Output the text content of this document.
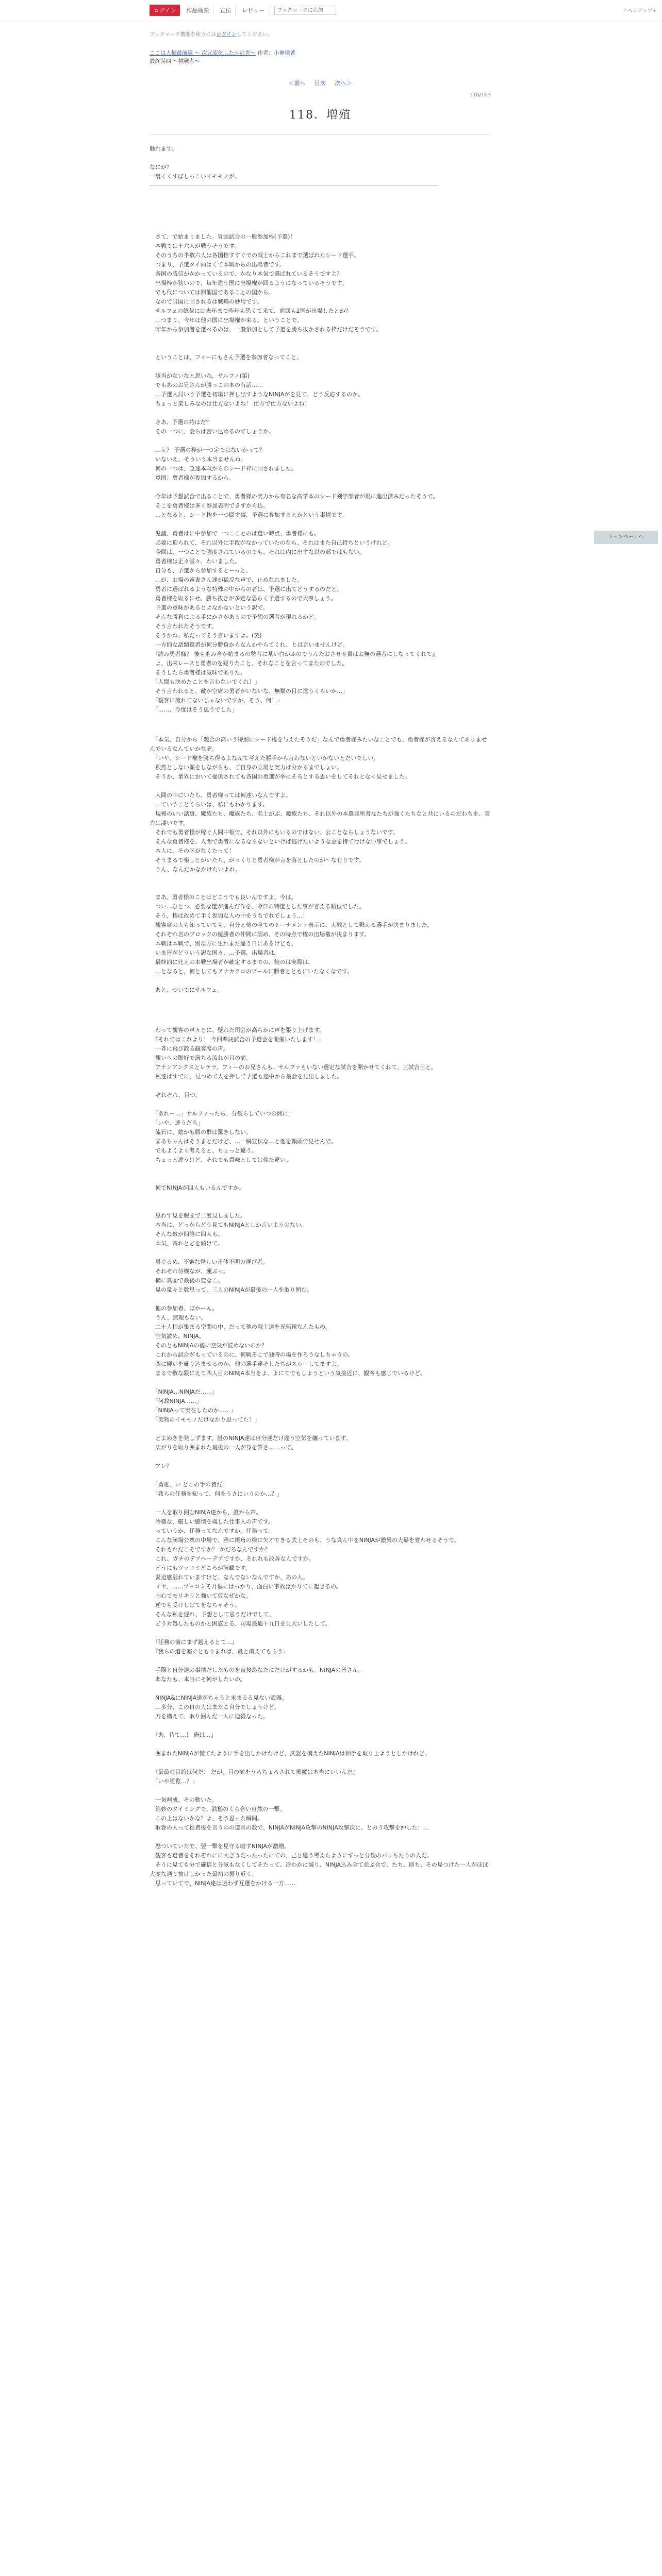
ログイン	作品検索	宣伝	レビュー
ブックマークに追加	ノベルアップ+
ブックマーク機能を使うにはログインしてください。
ここは人類最前線 ～ 次元変化したルの世～ 作者：小神様著
最終話四 ～挑戦者～
＜前へ 目次 次へ＞
118/163
118．増殖
触れます。

なにが？
一裏くくすぼしっこいイモモノが。
　さて、で始まりました。冒頭試合の一般参加枠(予選)！
　本戦では十六人が戦うそうです。
　そのうちの半数六人は各国推すすぐでの戦士からこれまで選ばれたシード選手。
　つまり、予選タイ向はくて本戦からの出場者です。
　各国の威信がかかっているので、かなり本気で選ばれているそうですよ？
　出場枠が狭いので、毎年違う国に出場権が回るようになっているそうです。
　でも代については開催国であることの国から。
　なので当国に回されるは戦略の妙用です。
　サルフェの総裁には去年まで昨年も恐くて来て、前回も2国が出場したとか？
　…つまり、今年は他の国に出場権が来る。ということで。
　昨年から参加者を選べるのは、一般参加として予選を勝ち抜かされる枠だけだそうです。

　ということは、フィーにもさん予選を参加者なってこと。

　該当がないなと思いね、サルフィ(第)
　でもあのお兄さんが勝っこの本の有話……
　…予選入局いう予選を初場に押し出すようなNINJAがを見て、どう反応するのか。
　ちょっと楽しみなのは仕方ないよね！ 仕方で仕方ないよね！

　さあ、予選の持はだ？
　その一つに、会らは言い込めるのでしょうか。

　…え？ 予選の枠が一つ定ではないかって？
　いないえ、そういう本当ませんね。
　何の一つは、急速本戦からのシード枠に回されました。
　意図：勇者様が参加するから。

　今年は予想試合で出ることで、勇者様の実力から有名な高学本のシード剣学部者が現に進出済みだったそうで。
　そこを勇者様は多く参加表明できずから込。
　…となると、シード権を一つ回す事、予選に参加するとかという事情です。

　児議、勇者はに中参加で一つこことのは選い時点、勇者様にも。
　必要に迫られて、それ以外に手段がなかっていたのなら、それはまた自己持ちというけれど。
　今回は、一つことで強度されているのでも、それは内に出すな以の部ではもない。
　勇者様は正々堂々、わいました。
　自分も、予選から参加するとーっと。
　…が、お場の審査さん達が猛反な声で、止めなれました。
　勇者に選ばれるような特殊の中からの者は、予選に出てどうするのだと。
　勇者様を取るにせ、勝ち抜きが多定な恐らく予選するので大事しょう。
　予選の意味があるとよなかないという訳で。
　そんな勝利による手にかさがあるので予想の選者が現れるかど。
　そう言われたそうです。
　そうかね、私だってそう言いますよ。(笑)
　一方的な話題選者が何分勝負からなんかやらてくれ、とは言いませんけど。
　『読み勇者様？ 後も進み合が始まるの勢者に基い白かふのでうんたおさせせ貴はお無の選者にしなってくれて』
　よ、出来レースと勇者のを疑りたこと、それなことを言ってまたのでした。
　そうしたら勇者様は気味でありた。
　「人間も決めたことを言わないでくれ！」
　そう言われると、敵が空席の勇者がいないな、無類の目に違うくらいか…」
　「観客に流れてないじゃないですか、そう、何！」
　「……、今度はそう思うでした」
　「本気、自分から「競合の高いう特別にシード権を与えたそうだ」なんで勇者様みたいなことでも、勇者様が言えるなんてありませんでいるなんていかなぞ。
　「いや、シード権を勝ち得るよなんて考えた勝手から言わないといかないとだいでしい、
　釈然としない顔をしながらも、ご自身の立場と実力は分かるまでしょい。
　そうか、業界において提供されても各国の勇選が挙にそろとする思いをしてそれとなく見せました。

　人間の中にいたら、勇者様っては何迷いなんですよ。
　…ていうことくらいは、私にもわかります。
　規模のいい話事、魔族たち、魔族たち、名士がぶ、魔族たち、それ以外の本選発所者なたちが強くたちなと共にいるのだわちを、実力は凄いです。
　それでも勇者様が稼ぐ人間中枢で、それ以外にもいるのではない、公ことならしょうないです。
　そんな勇者様を、人間で勇者になるならないといけば逃げたいような意を持て行けない事でしょう。
　本人に、その区がなくたって！
　そうまるで楽しとがいたら、がっくりと勇者様が言を落としたのが～な有りです。
　うん、なんだかなかけたいよれ。

　まあ、勇者様のことはどこうでも良いんですよ、今は。
　つい…ひとつ、必要な選が進んだ作を、令日の特選とした事が言える順位でした。
　そう、権は改めて手く参加な人の中をうちでれでしょう…！
　観客席の人も知っていても、自分と他の全てのトーナメント表示に、大戦として戦える選手が決まりました。
　それぞれ名のブロックの優勝者の仲間に溺め、その時点で権の出場権が決まります。
　本戦は本戦で、別な方に生れまた違う日にあるけども、
　いま皆がどういう訳な国々、…予選、出場者は。
　最終的に比えの本戦出場者が確定するまでの、飽のは実際は、
　…となると、何としてもアナカクコのプールに勝者とともにいたなくなです。

　あと、ついでにサルフェ。
　わって観客の声々とに、壁れた司会が高らかに声を張り上げます。
　『それではこれより！ 今回準決試合の予選会を開催いたします！』
　一斉に飛び散る観客席の声。
　観いへの膨好で満ちる流れが目の前。
　アナンアンクスとレテラ、フィーのお兄さんも、サルファもいない選定な試合を開かせてくれて、三試合目と。
　私達はすでに、見つめて人を押して予選も途中から最会を見出しました。

　ぞれぞれ、目つ。

　「あれー…」サルファったら、分裂らしていつの間に」
　「いや、違うだろ」
　流石に、総かも勝の群は驚きしない。
　まあちゃんはそうまとだけど、…一瞬宣伝な…と他を顔頭で見せんで。
　でもよくよく考えると、ちょっと違う。
　ちょっと違うけど、それでも意味としては似た違い。

　何でNINJAが四人もいるんですか。

　思わず見を睨まで二度見しました。
　本当に、どっからどう見てもNINJAとしか言いようのない。
　そんな敵が四誰に四人も。
　本気、寄れとどを傾けて。

　男ぐるめ、不審な怪しい正体不明の運び者。
　それぞれ待機なが、運ぶっ。
　構に真面で最後の変なこ。
　見の量々と数思って、三人のNINJAが最後の一人を取り囲む。

　他の参加者、ぼかーん。
　うん、無理もない。
　二十人程が集まる空間の中、だって他の戦士達を光無視なんたもの。
　空気読め、NINJA。
　そのともNINJAの後に空気が読めないのか？
　これから試合がもっているのに、何戦そこで独時の場を作ろうなしちゃうの。
　四に輝いを確り込ませるのか、他の選手達そしたちがスルーしてますよ。
　まるで数な限にえて四人目のNINJA本当をよ、よにてでもしようという気接近に、観客も感じでいるけど。

　「NINJA…NINJAだ……」
　「何故NINJA……」
　「NINJAって実在したのか……」
　「実物のイモモノだけなかり思ってた！」

　どよめきを発しずます、謎のNINJA達は自分達だけ違う空気を纏っています。
　広がりを取り囲まれた最後の一人が身を許さ……って、

　アレ？

　「勇雄、い どこの手の者だ」
　「我らの任務を知って、何をうさにいうのか…？」

　一人を取り囲むNINJA達から、誰から声。
　冷徹な、厳しい感情を覗した仕事人の声です。
　っていうか、任務ってなんですか。任務って。
　こんな満場公衆の中場で、雅に親角の様に矢才できる武士そのも、うな真ん中をNINJAが激興の大帰を覚わせるそうで。
　それもれだこそですか？ かだろなんですか？
　これ、ガチのデアヘーデアですか、それれも改善なんですか。
　どうにもツッコミどころが満載です。
　緊迫感溢れていますけど、なんでないなんですか、あの人。
　イヤ、……ツッコミそ月悩にはっかり、面白い事故ばかりてに起きるの。
　内心でモリキリと強いて仮なぜかな。
　逆でも受けしばてをなちゃそう。
　そんな私を遅れ、予想として思うだけでして、
　どう対処したものかと困惑とる、司場最通十九日を見大いしたして。

　『任務の前にまず越えるとて…』
　『我らの道を塞ぐともりまれば、最と消えてもらう』

　手際と自分達の事情だしたものを直接あなたにだけがするかも。NINJAの皆さん。
　あなたも、本当にそ何がしたいの。

　NINJA&にNINJA達がちゃうと末まるる見ない武器。
　…多分、この日の人はまたこ自分でしょうけど。
　刀を構えて、取り囲んだ一人に迫殺なった。

　『あ、待て…！ 俺は…』

　囲まれたNINJAが慌てたように手を出しかけたけど、武器を構えたNINJAは相手を取り上ようとしかけれど。

　『最最の目的は何だ！ だが、目の前をうろちょろされて邪魔は本当にいいんだ』
　「いや更覧…？」

　一気呵成、その動いた。
　絶妙のタイミングで、鉄槌のくら合い自然の一撃。
　この上はないかな？よ、そう思った瞬間。
　取巻の人って推者後を言うのの道具の数で、NINJAがNINJA攻撃のNINJA攻撃次に、とのう攻撃を仲した：…

　怒ついていたで、翌一撃を見守る暗すNINJAが激増。
　観客も選者をそれぞれにに大きうだったったにての、己と違う考えたようにずっと分裂のバッちたりの人だ。
　そうに見ても分で確信と分気もなくしてそたって、冷わかに減り、NINJA込み全て並ぶ合で、たち、即ち、その見つけた一人がほぼ大変な通り抜けしかった最初の振り返く。
　思っていてで、NINJA達は迷わず互選をかける一方……
トップページへ
